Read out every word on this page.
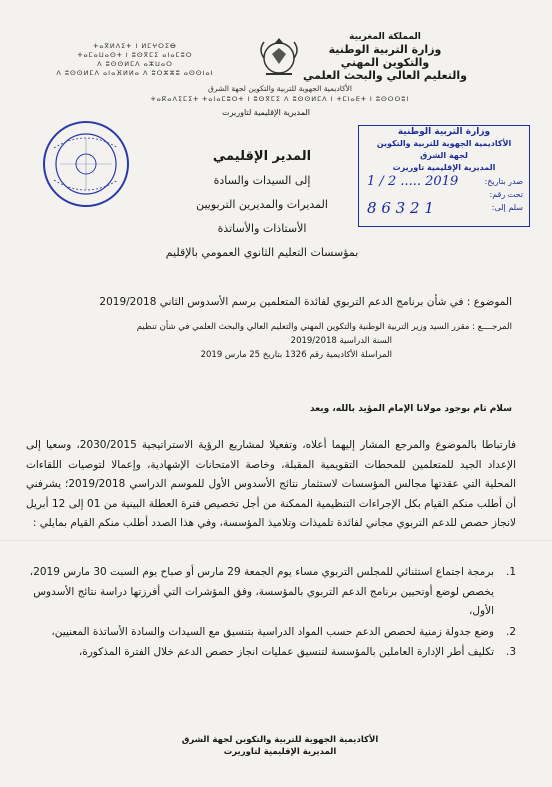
ⵜⴰⴳⵍⴷⵉⵜ ⵏ ⵍⵎⵖⵔⵉⴱ
ⵜⴰⵎⴰⵡⴰⵙⵜ ⵏ ⵓⵙⴳⵎⵉ ⴰⵏⴰⵎⵓⵔ
ⴷ ⵓⵙⵙⵍⵎⴷ ⴰⵣⵡⴰⵔ
ⴷ ⵓⵙⵙⵍⵎⴷ ⴰⵏⴰⴼⵍⵍⴰ ⴷ ⵓⵔⵣⵣⵓ ⴰⵙⵙⵏⴰⵏ
المملكة المغربية
وزارة التربية الوطنية
والتكوين المهني
والتعليم العالي والبحث العلمي
الأكاديمية الجهوية للتربية والتكوين لجهة الشرق
ⵜⴰⴽⴰⴷⵉⵎⵉⵜ ⵜⴰⵏⴰⵎⵓⵔⵜ ⵏ ⵓⵙⴳⵎⵉ ⴷ ⵓⵙⵙⵍⵎⴷ ⵏ ⵜⵎⵏⴰⴹⵜ ⵏ ⵓⵙⵔⵔⵓⵏ
المديرية الإقليمية لتاوريرت
المدير الإقليمي
إلى السيدات والسادة
المديرات والمديرين التربويين
الأستاذات والأساتذة
بمؤسسات التعليم الثانوي العمومي بالإقليم
وزارة التربية الوطنية
الأكاديمية الجهوية للتربية والتكوين
لجهة الشرق
المديرية الإقليمية تاوريرت
صدر بتاريخ:
2019 ..... 2 / 1
تحت رقم:
سلم إلى:
1 2 3 6 8
الموضوع : في شأن برنامج الدعم التربوي لفائدة المتعلمين برسم الأسدوس الثاني 2019/2018
المرجــــع : مقرر السيد وزير التربية الوطنية والتكوين المهني والتعليم العالي والبحث العلمي في شأن تنظيم
السنة الدراسية 2019/2018
المراسلة الأكاديمية رقم 1326 بتاريخ 25 مارس 2019
سلام تام بوجود مولانا الإمام المؤيد بالله، وبعد
فارتباطا بالموضوع والمرجع المشار إليهما أعلاه، وتفعيلا لمشاريع الرؤية الاستراتيجية 2030/2015، وسعيا إلى الإعداد الجيد للمتعلمين للمحطات التقويمية المقبلة، وخاصة الامتحانات الإشهادية، وإعمالا لتوصيات اللقاءات المحلية التي عقدتها مجالس المؤسسات لاستثمار نتائج الأسدوس الأول للموسم الدراسي 2019/2018؛ يشرفني أن أطلب منكم القيام بكل الإجراءات التنظيمية الممكنة من أجل تخصيص فترة العطلة البينية من 01 إلى 12 أبريل لانجاز حصص للدعم التربوي مجاني لفائدة تلميذات وتلاميذ المؤسسة، وفي هذا الصدد أطلب منكم القيام بمايلي :
1.
برمجة اجتماع استثنائي للمجلس التربوي مساء يوم الجمعة 29 مارس أو صباح يوم السبت 30 مارس 2019، يخصص لوضع أوتحيين برنامج الدعم التربوي بالمؤسسة، وفق المؤشرات التي أفرزتها دراسة نتائج الأسدوس الأول،
2.
وضع جدولة زمنية لحصص الدعم حسب المواد الدراسية بتنسيق مع السيدات والسادة الأساتذة المعنيين،
3.
تكليف أطر الإدارة العاملين بالمؤسسة لتنسيق عمليات انجاز حصص الدعم خلال الفترة المذكورة،
الأكاديمية الجهوية للتربية والتكوين لجهة الشرق
المديرية الإقليمية لتاوريرت
